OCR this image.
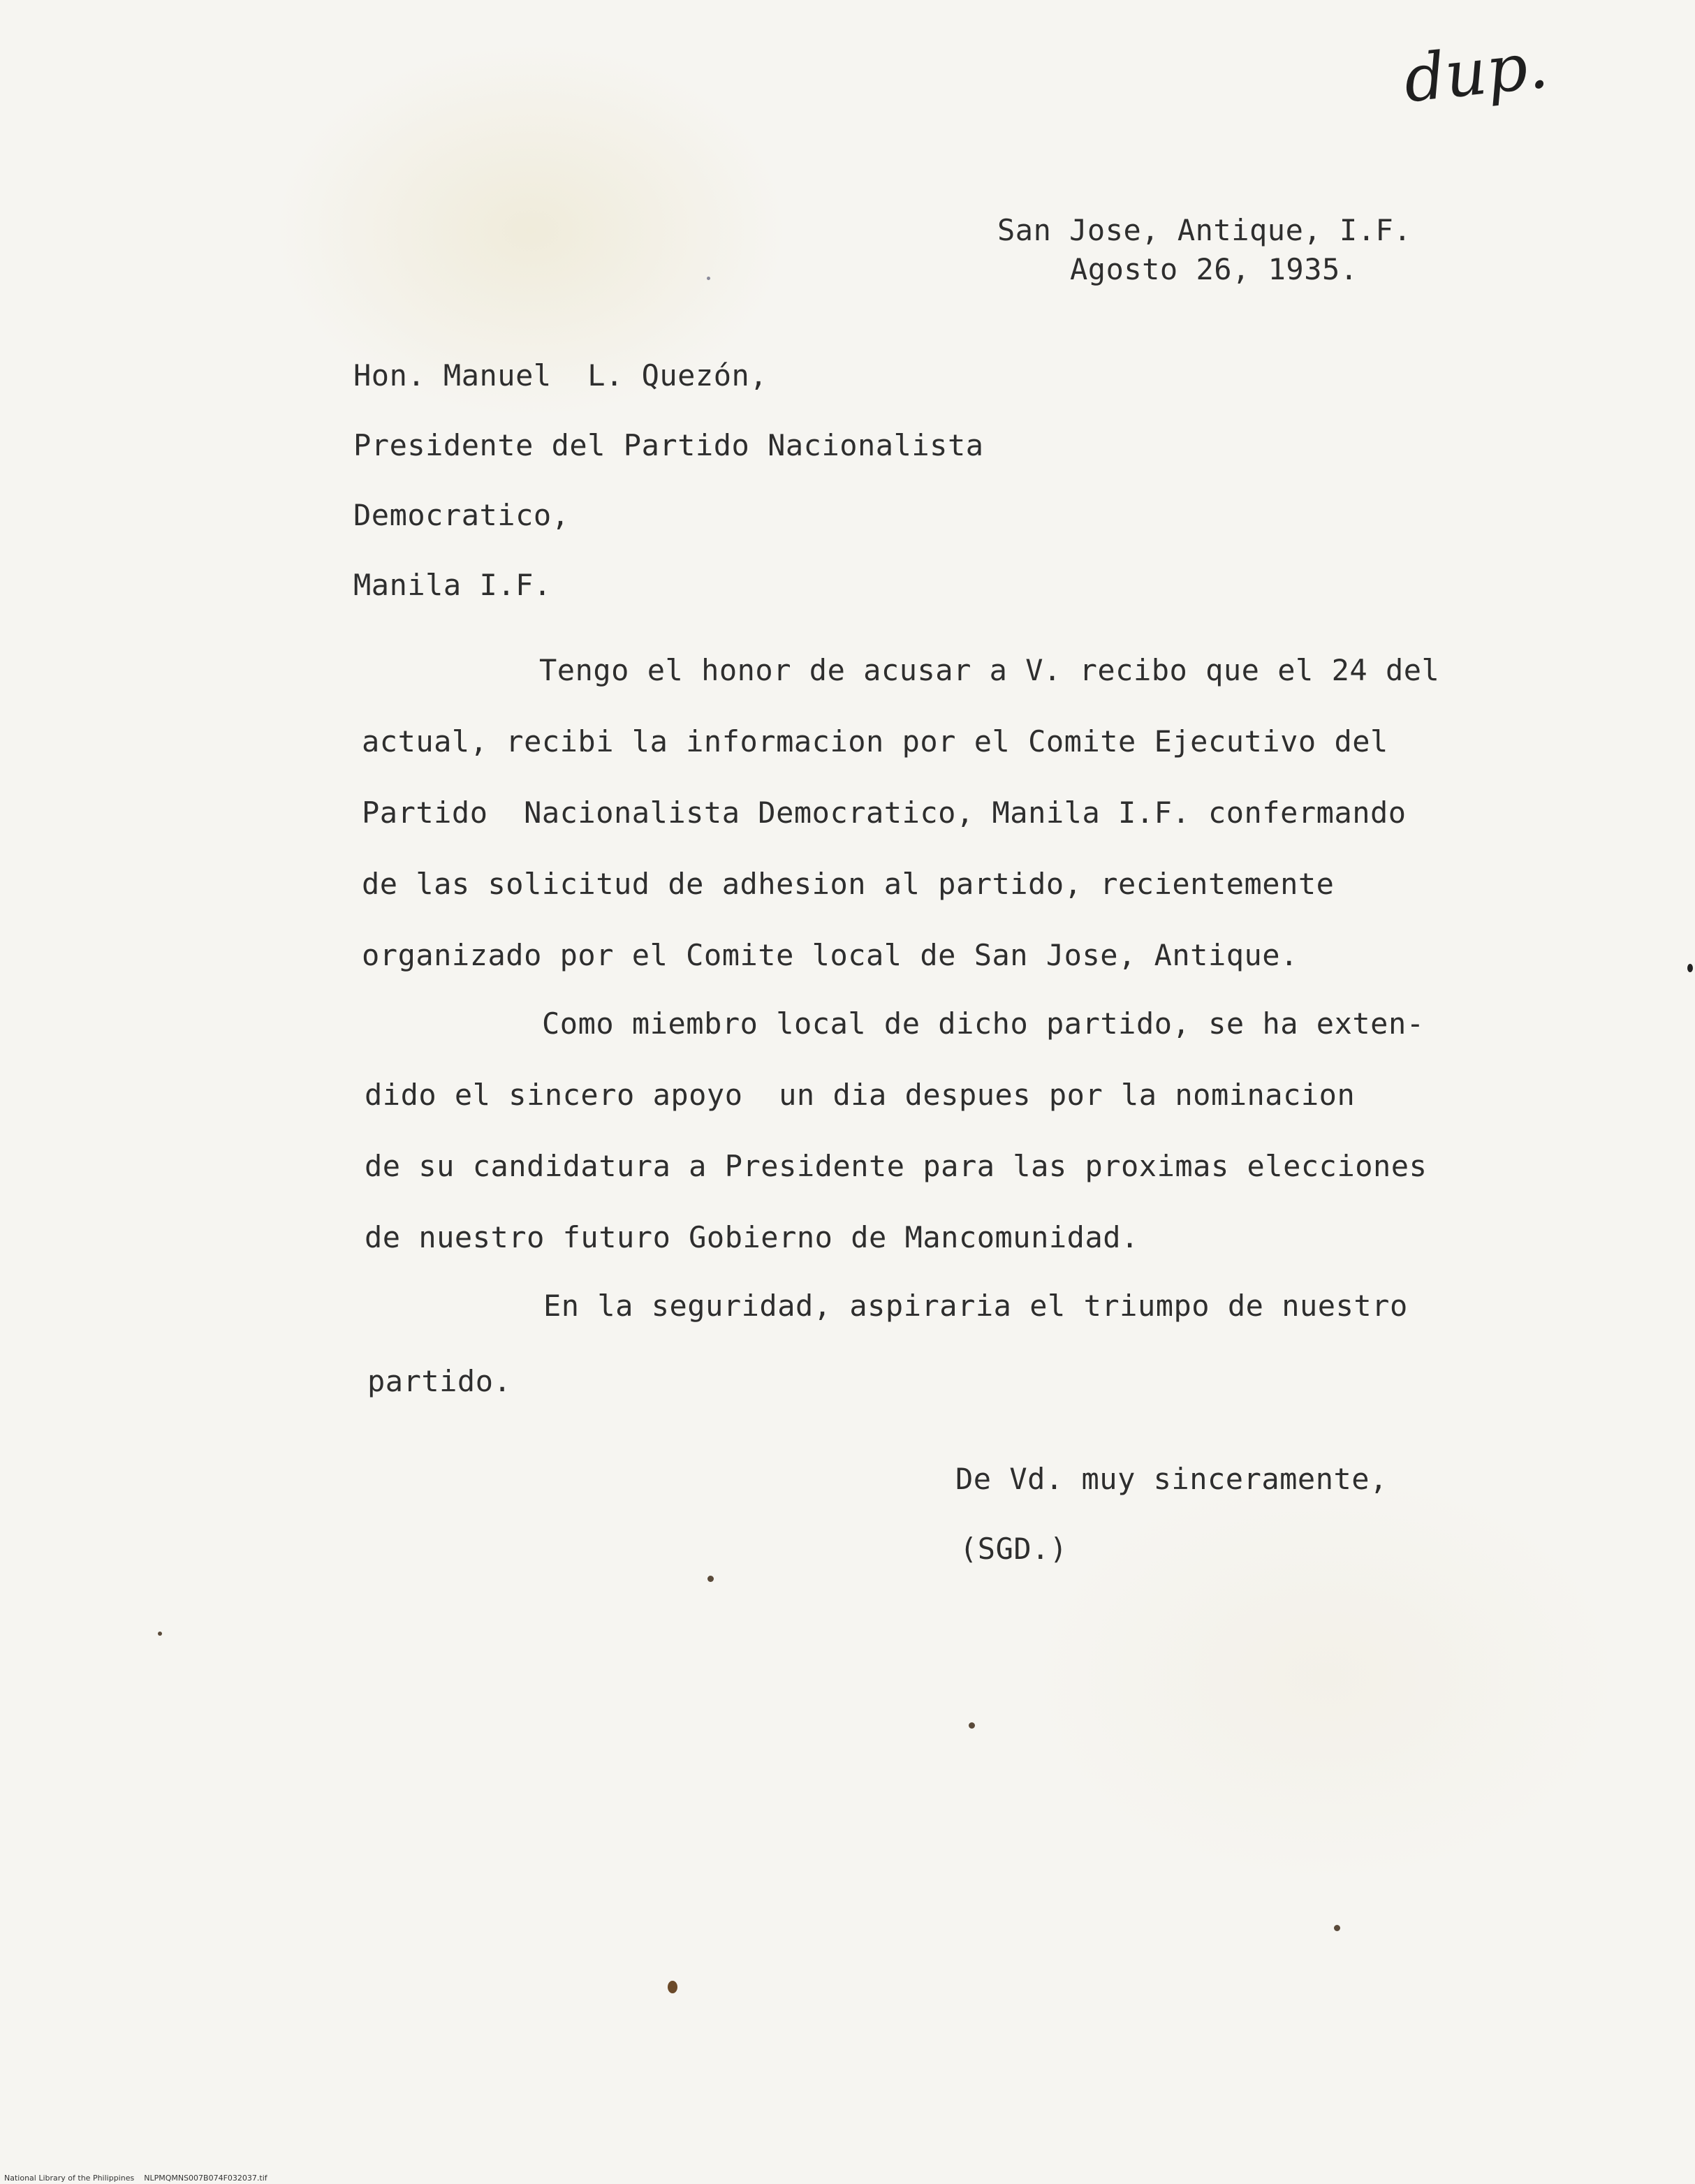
dup.

San Jose, Antique, I.F.

Agosto 26, 1935.

Hon. Manuel  L. Quezón,

Presidente del Partido Nacionalista

Democratico,

Manila I.F.

Tengo el honor de acusar a V. recibo que el 24 del

actual, recibi la informacion por el Comite Ejecutivo del

Partido  Nacionalista Democratico, Manila I.F. confermando

de las solicitud de adhesion al partido, recientemente

organizado por el Comite local de San Jose, Antique.

Como miembro local de dicho partido, se ha exten-

dido el sincero apoyo  un dia despues por la nominacion

de su candidatura a Presidente para las proximas elecciones

de nuestro futuro Gobierno de Mancomunidad.

En la seguridad, aspiraria el triumpo de nuestro

partido.

De Vd. muy sinceramente,

(SGD.)

National Library of the Philippines NLPMQMNS007B074F032037.tif
